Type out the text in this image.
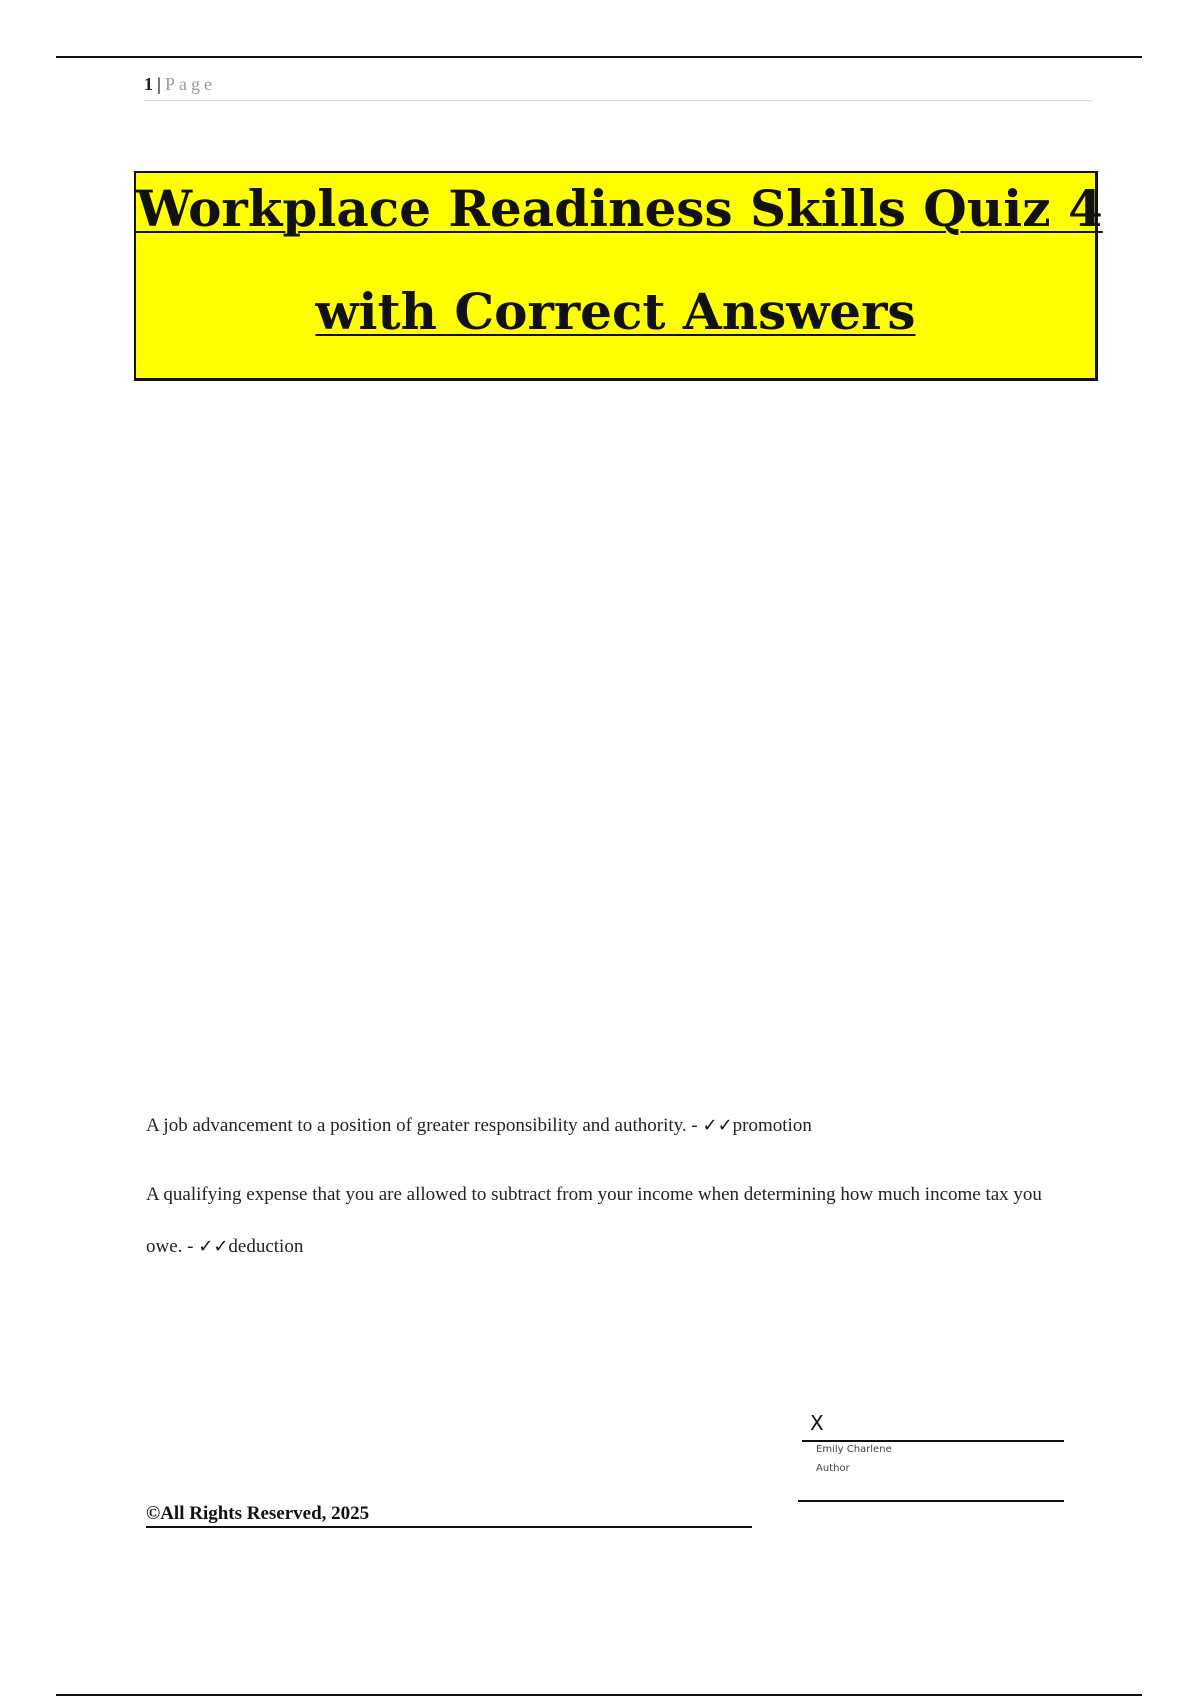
1 | Page
Workplace Readiness Skills Quiz 4
with Correct Answers
A job advancement to a position of greater responsibility and authority. - ✓✓promotion
A qualifying expense that you are allowed to subtract from your income when determining how much income tax you owe. - ✓✓deduction
X
Emily Charlene
Author
©All Rights Reserved, 2025
